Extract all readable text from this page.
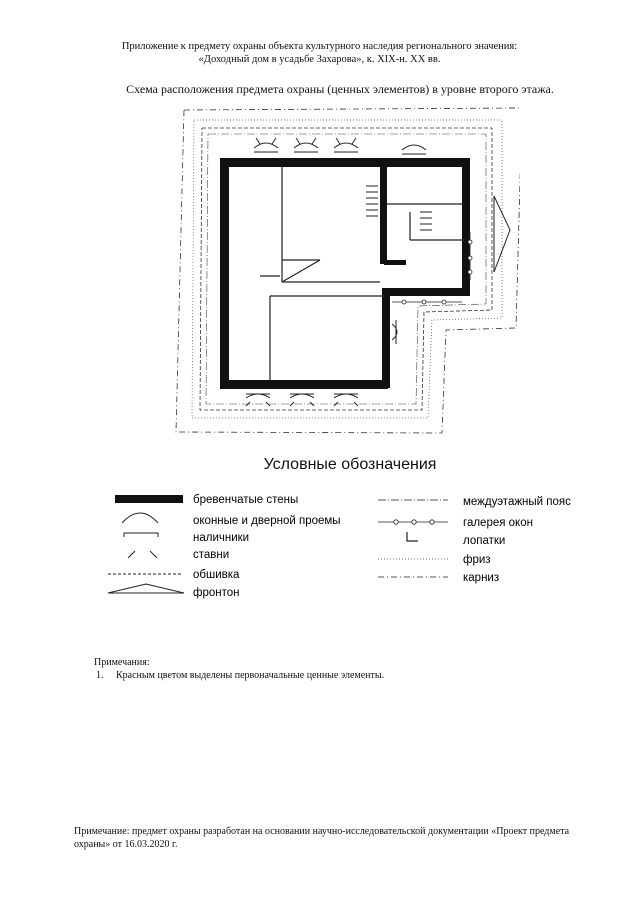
Приложение к предмету охраны объекта культурного наследия регионального значения:
«Доходный дом в усадьбе Захарова», к. XIX-н. XX вв.
Схема расположения предмета охраны (ценных элементов) в уровне второго этажа.
Условные обозначения
бревенчатые стены
оконные и дверной проемы
наличники
ставни
обшивка
фронтон
междуэтажный пояс
галерея окон
лопатки
фриз
карниз
Примечания:
1. Красным цветом выделены первоначальные ценные элементы.
Примечание: предмет охраны разработан на основании научно-исследовательской документации «Проект предмета охраны» от 16.03.2020 г.
